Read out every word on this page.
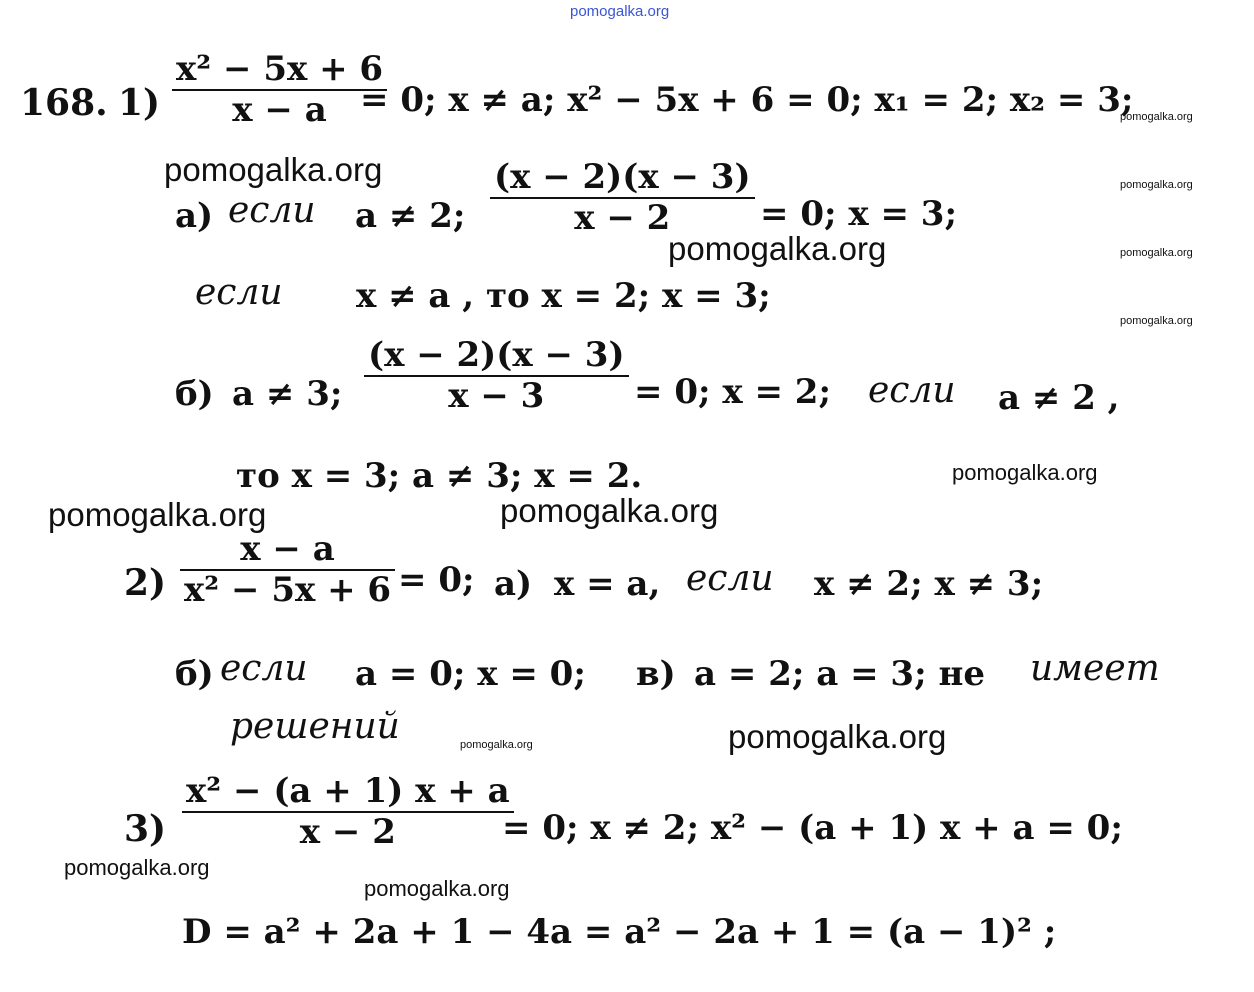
pomogalka.org
pomogalka.org
pomogalka.org
pomogalka.org
pomogalka.org
pomogalka.org
pomogalka.org
pomogalka.org
pomogalka.org
pomogalka.org	pomogalka.org
pomogalka.org
pomogalka.org
pomogalka.org
168. $1) \frac{\text{x² − 5x + 6}}{x - a}$
= 0; x ≠ a; x² − 5x + 6 = 0; x₁ = 2; x₂ = 3;
а) если a ≠ 2; $\frac{(x - 2)(x - 3)}{x - 2} = 0$; x = 3;
если x ≠ a , то x = 2; x = 3;
б) a ≠ 3; $\frac{(x - 2)(x - 3)}{x - 3} = 0$; x = 2; если a ≠ 2 ,
то x = 3; a ≠ 3; x = 2.
$2) \frac{x - a}{\text{x² − 5x + 6}} = 0$; а) x = a, если x ≠ 2; x ≠ 3;
б) если a = 0; x = 0; в) a = 2; a = 3; не имеет
решений
$3) \frac{\text{x² − (a + 1) x + a}}{x - 2}$
= 0; x ≠ 2; x² − (a + 1) x + a = 0;
D = a² + 2a + 1 − 4a = a² − 2a + 1 = (a − 1)² ;
